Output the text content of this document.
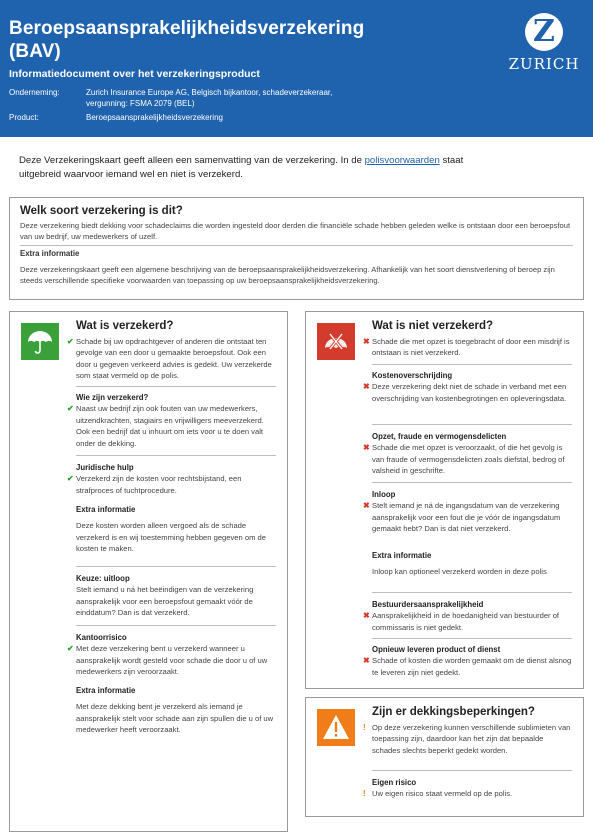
Beroepsaansprakelijkheidsverzekering (BAV)
Informatiedocument over het verzekeringsproduct
Onderneming:	Zurich Insurance Europe AG, Belgisch bijkantoor, schadeverzekeraar, vergunning: FSMA 2079 (BEL)
Product:	Beroepsaansprakelijkheidsverzekering
Z
ZURICH
Deze Verzekeringskaart geeft alleen een samenvatting van de verzekering. In de polisvoorwaarden staat uitgebreid waarvoor iemand wel en niet is verzekerd.
Welk soort verzekering is dit?
Deze verzekering biedt dekking voor schadeclaims die worden ingesteld door derden die financiële schade hebben geleden welke is ontstaan door een beroepsfout van uw bedrijf, uw medewerkers of uzelf.
Extra informatie
Deze verzekeringskaart geeft een algemene beschrijving van de beroepsaansprakelijkheidsverzekering. Afhankelijk van het soort dienstverlening of beroep zijn steeds verschillende specifieke voorwaarden van toepassing op uw beroepsaansprakelijkheidsverzekering.
Wat is verzekerd?
✔ Schade bij uw opdrachtgever of anderen die ontstaat ten gevolge van een door u gemaakte beroepsfout. Ook een door u gegeven verkeerd advies is gedekt. Uw verzekerde som staat vermeld op de polis.
Wie zijn verzekerd?
✔ Naast uw bedrijf zijn ook fouten van uw medewerkers, uitzendkrachten, stagiairs en vrijwilligers meeverzekerd. Ook een bedrijf dat u inhuurt om iets voor u te doen valt onder de dekking.
Juridische hulp
✔ Verzekerd zijn de kosten voor rechtsbijstand, een strafproces of tuchtprocedure.
Extra informatie
Deze kosten worden alleen vergoed als de schade verzekerd is en wij toestemming hebben gegeven om de kosten te maken.
Keuze: uitloop
Stelt iemand u ná het beëindigen van de verzekering aansprakelijk voor een beroepsfout gemaakt vóór de einddatum? Dan is dat verzekerd.
Kantoorrisico
✔ Met deze verzekering bent u verzekerd wanneer u aansprakelijk wordt gesteld voor schade die door u of uw medewerkers zijn veroorzaakt.
Extra informatie
Met deze dekking bent je verzekerd als iemand je aansprakelijk stelt voor schade aan zijn spullen die u of uw medewerker heeft veroorzaakt.
Wat is niet verzekerd?
✖ Schade die met opzet is toegebracht of door een misdrijf is ontstaan is niet verzekerd.
Kostenoverschrijding
✖ Deze verzekering dekt niet de schade in verband met een overschrijding van kostenbegrotingen en opleveringsdata.
Opzet, fraude en vermogensdelicten
✖ Schade die met opzet is veroorzaakt, of die het gevolg is van fraude of vermogensdelicten zoals diefstal, bedrog of valsheid in geschrifte.
Inloop
✖ Stelt iemand je ná de ingangsdatum van de verzekering aansprakelijk voor een fout die je vóór de ingangsdatum gemaakt hebt? Dan is dat niet verzekerd.
Extra informatie
Inloop kan optioneel verzekerd worden in deze polis
Bestuurdersaansprakelijkheid
✖ Aansprakelijkheid in de hoedanigheid van bestuurder of commissaris is niet gedekt.
Opnieuw leveren product of dienst
✖ Schade of kosten die worden gemaakt om de dienst alsnog te leveren zijn niet gedekt.
Zijn er dekkingsbeperkingen?
! Op deze verzekering kunnen verschillende sublimieten van toepassing zijn, daardoor kan het zijn dat bepaalde schades slechts beperkt gedekt worden.
Eigen risico
! Uw eigen risico staat vermeld op de polis.
